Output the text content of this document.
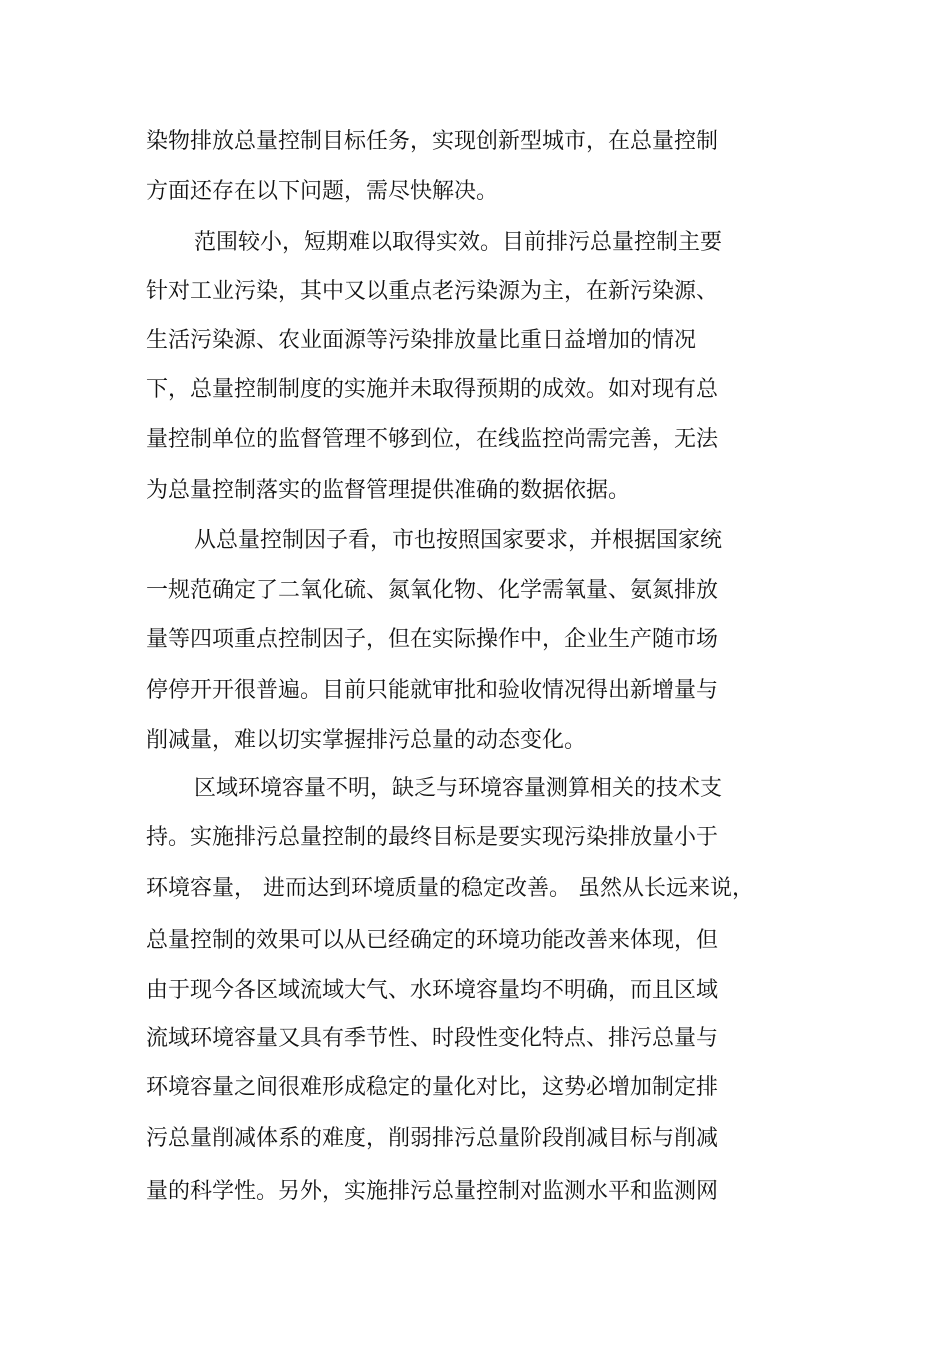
染物排放总量控制目标任务，实现创新型城市，在总量控制
方面还存在以下问题，需尽快解决。
范围较小，短期难以取得实效。目前排污总量控制主要
针对工业污染，其中又以重点老污染源为主，在新污染源、
生活污染源、农业面源等污染排放量比重日益增加的情况
下，总量控制制度的实施并未取得预期的成效。如对现有总
量控制单位的监督管理不够到位，在线监控尚需完善，无法
为总量控制落实的监督管理提供准确的数据依据。
从总量控制因子看，市也按照国家要求，并根据国家统
一规范确定了二氧化硫、氮氧化物、化学需氧量、氨氮排放
量等四项重点控制因子，但在实际操作中，企业生产随市场
停停开开很普遍。目前只能就审批和验收情况得出新增量与
削减量，难以切实掌握排污总量的动态变化。
区域环境容量不明，缺乏与环境容量测算相关的技术支
持。实施排污总量控制的最终目标是要实现污染排放量小于
环境容量， 进而达到环境质量的稳定改善。 虽然从长远来说，
总量控制的效果可以从已经确定的环境功能改善来体现，但
由于现今各区域流域大气、水环境容量均不明确，而且区域
流域环境容量又具有季节性、时段性变化特点、排污总量与
环境容量之间很难形成稳定的量化对比，这势必增加制定排
污总量削减体系的难度，削弱排污总量阶段削减目标与削减
量的科学性。另外，实施排污总量控制对监测水平和监测网
